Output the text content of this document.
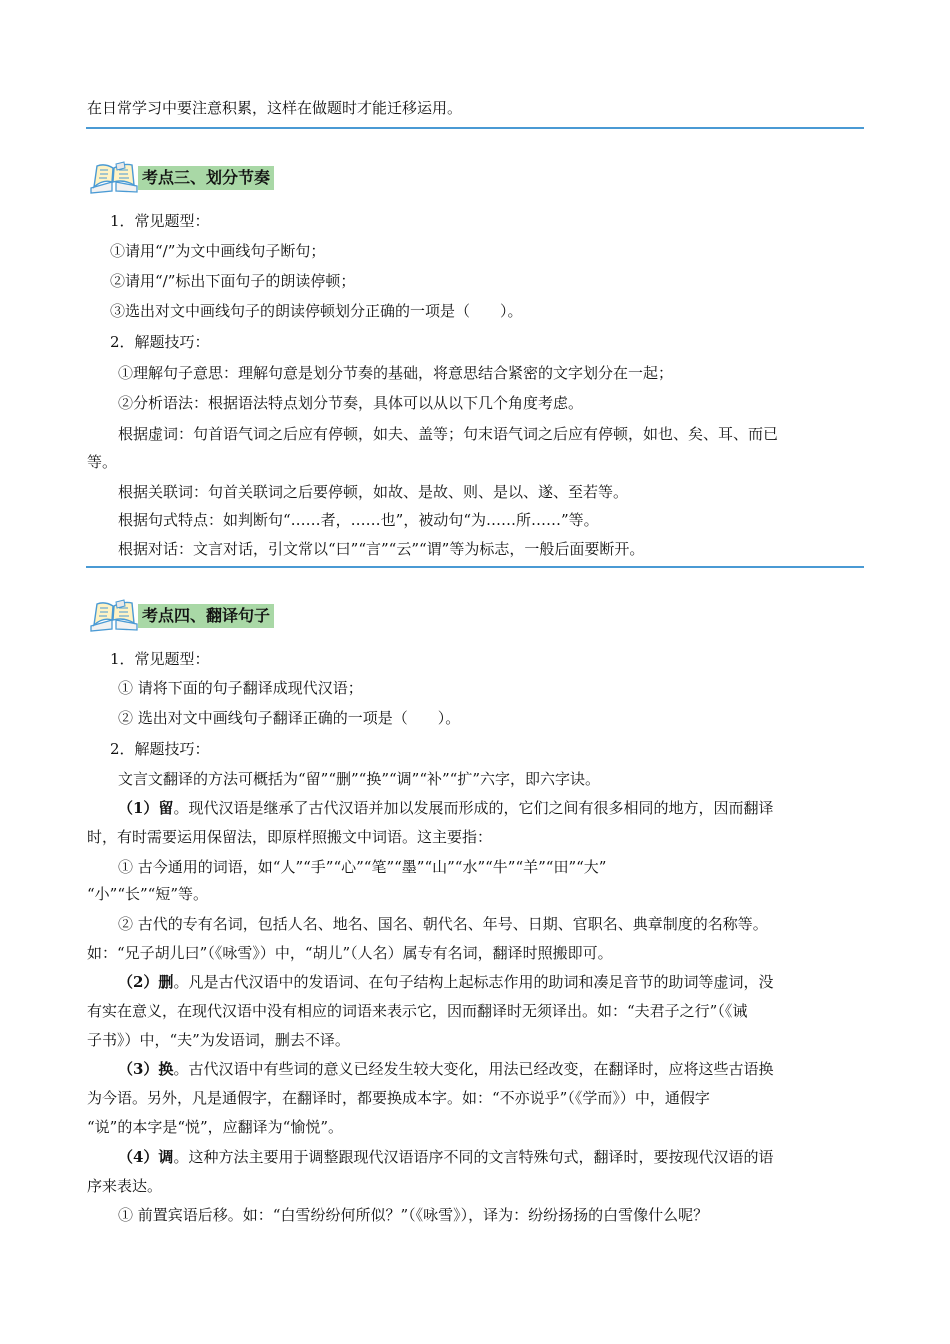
在日常学习中要注意积累，这样在做题时才能迁移运用。
考点三、划分节奏
1．常见题型：
①请用“/”为文中画线句子断句；
②请用“/”标出下面句子的朗读停顿；
③选出对文中画线句子的朗读停顿划分正确的一项是（　　）。
2．解题技巧：
①理解句子意思：理解句意是划分节奏的基础，将意思结合紧密的文字划分在一起；
②分析语法：根据语法特点划分节奏，具体可以从以下几个角度考虑。
根据虚词：句首语气词之后应有停顿，如夫、盖等；句末语气词之后应有停顿，如也、矣、耳、而已
等。
根据关联词：句首关联词之后要停顿，如故、是故、则、是以、遂、至若等。
根据句式特点：如判断句“……者，……也”，被动句“为……所……”等。
根据对话：文言对话，引文常以“曰”“言”“云”“谓”等为标志，一般后面要断开。
考点四、翻译句子
1．常见题型：
① 请将下面的句子翻译成现代汉语；
② 选出对文中画线句子翻译正确的一项是（　　）。
2．解题技巧：
文言文翻译的方法可概括为“留”“删”“换”“调”“补”“扩”六字，即六字诀。
（1）留。现代汉语是继承了古代汉语并加以发展而形成的，它们之间有很多相同的地方，因而翻译
时，有时需要运用保留法，即原样照搬文中词语。这主要指：
① 古今通用的词语，如“人”“手”“心”“笔”“墨”“山”“水”“牛”“羊”“田”“大”
“小”“长”“短”等。
② 古代的专有名词，包括人名、地名、国名、朝代名、年号、日期、官职名、典章制度的名称等。
如：“兄子胡儿曰”（《咏雪》）中，“胡儿”（人名）属专有名词，翻译时照搬即可。
（2）删。凡是古代汉语中的发语词、在句子结构上起标志作用的助词和凑足音节的助词等虚词，没
有实在意义，在现代汉语中没有相应的词语来表示它，因而翻译时无须译出。如：“夫君子之行”（《诫
子书》）中，“夫”为发语词，删去不译。
（3）换。古代汉语中有些词的意义已经发生较大变化，用法已经改变，在翻译时，应将这些古语换
为今语。另外，凡是通假字，在翻译时，都要换成本字。如：“不亦说乎”（《学而》）中，通假字
“说”的本字是“悦”，应翻译为“愉悦”。
（4）调。这种方法主要用于调整跟现代汉语语序不同的文言特殊句式，翻译时，要按现代汉语的语
序来表达。
① 前置宾语后移。如：“白雪纷纷何所似？”（《咏雪》），译为：纷纷扬扬的白雪像什么呢？
